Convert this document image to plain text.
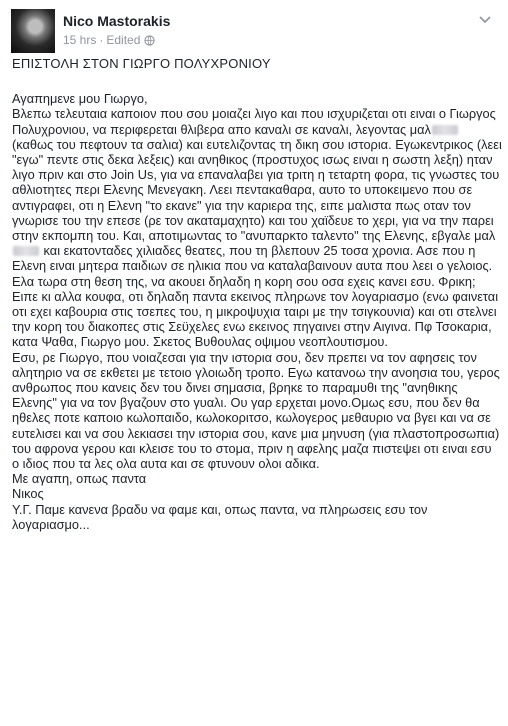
Nico Mastorakis
15 hrs · Edited

ΕΠΙΣΤΟΛΗ ΣΤΟΝ ΓΙΩΡΓΟ ΠΟΛΥΧΡΟΝΙΟΥ

Αγαπημενε μου Γιωργο,

Βλεπω τελευταια καποιον που σου μοιαζει λιγο και που ισχυριζεται οτι ειναι ο Γιωργος Πολυχρονιου, να περιφερεται θλιβερα απο καναλι σε καναλι, λεγοντας μαλ (καθως του πεφτουν τα σαλια) και ευτελιζοντας τη δικη σου ιστορια. Εγωκεντρικος (λεει "εγω" πεντε στις δεκα λεξεις) και ανηθικος (προστυχος ισως ειναι η σωστη λεξη) ηταν λιγο πριν και στο Join Us, για να επαναλαβει για τριτη η τεταρτη φορα, τις γνωστες του αθλιοτητες περι Ελενης Μενεγακη. Λεει πεντακαθαρα, αυτο το υποκειμενο που σε αντιγραφει, οτι η Ελενη "το εκανε" για την καριερα της, ειπε μαλιστα πως οταν τον γνωρισε του την επεσε (ρε τον ακαταμαχητο) και του χαϊδευε το χερι, για να την παρει στην εκπομπη του. Και, αποτιμωντας το "ανυπαρκτο ταλεντο" της Ελενης, εβγαλε μαλ και εκατονταδες χιλιαδες θεατες, που τη βλεπουν 25 τοσα χρονια. Ασε που η Ελενη ειναι μητερα παιδιων σε ηλικια που να καταλαβαινουν αυτα που λεει ο γελοιος. Ελα τωρα στη θεση της, να ακουει δηλαδη η κορη σου οσα εχεις κανει εσυ. Φρικη;

Ειπε κι αλλα κουφα, οτι δηλαδη παντα εκεινος πληρωνε τον λογαριασμο (ενω φαινεται οτι εχει καβουρια στις τσεπες του, η μικροψυχια ταιρι με την τσιγκουνια) και οτι στελνει την κορη του διακοπες στις Σεϋχελες ενω εκεινος πηγαινει στην Αιγινα. Πφ Τσοκαρια, κατα Ψαθα, Γιωργο μου. Σκετος Βυθουλας οψιμου νεοπλουτισμου.

Εσυ, ρε Γιωργο, που νοιαζεσαι για την ιστορια σου, δεν πρεπει να τον αφησεις τον αλητηριο να σε εκθετει με τετοιο γλοιωδη τροπο. Εγω κατανοω την ανοησια του, γερος ανθρωπος που κανεις δεν του δινει σημασια, βρηκε το παραμυθι της "ανηθικης Ελενης" για να τον βγαζουν στο γυαλι. Ου γαρ ερχεται μονο.Ομως εσυ, που δεν θα ηθελες ποτε καποιο κωλοπαιδο, κωλοκοριτσο, κωλογερος μεθαυριο να βγει και να σε ευτελισει και να σου λεκιασει την ιστορια σου, κανε μια μηνυση (για πλαστοπροσωπια) του αφρονα γερου και κλεισε του το στομα, πριν η αφελης μαζα πιστεψει οτι ειναι εσυ ο ιδιος που τα λες ολα αυτα και σε φτυνουν ολοι αδικα.

Με αγαπη, οπως παντα

Νικος

Υ.Γ. Παμε κανενα βραδυ να φαμε και, οπως παντα, να πληρωσεις εσυ τον λογαριασμο...
